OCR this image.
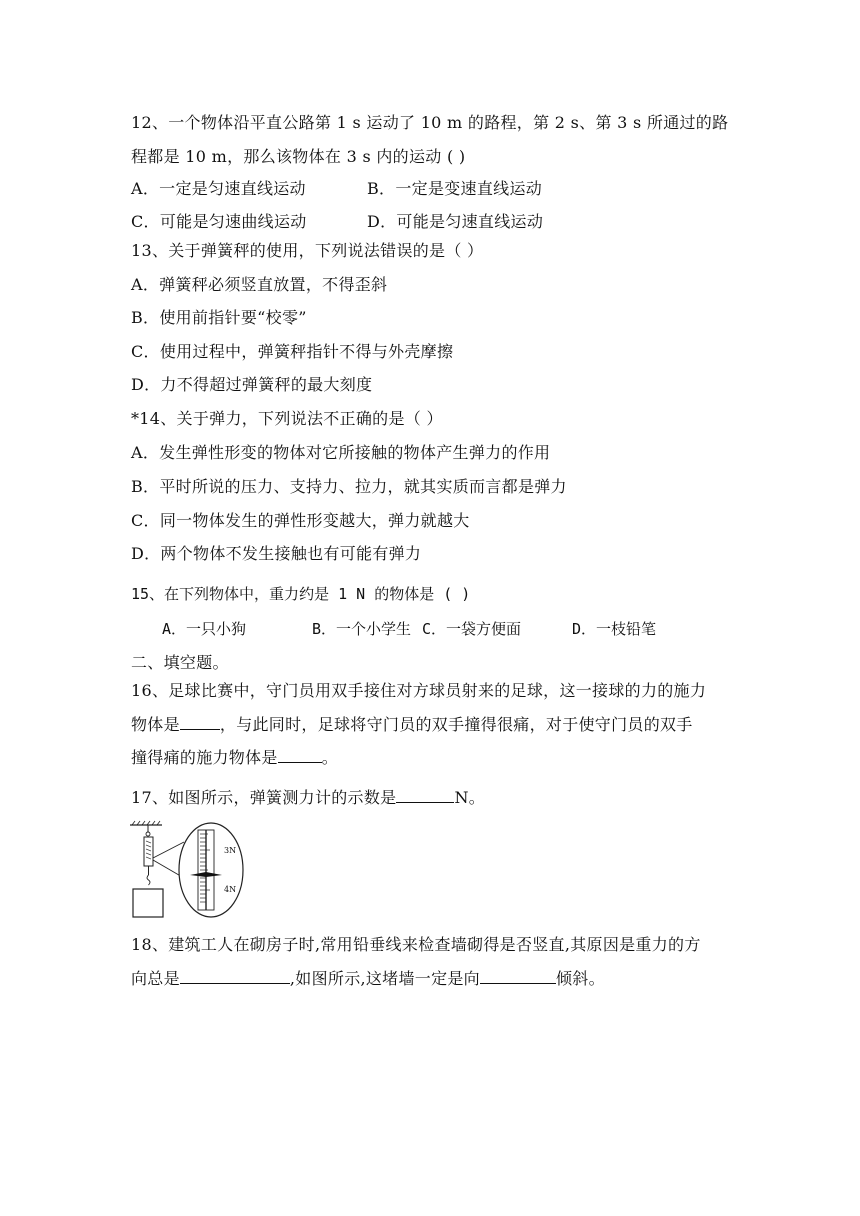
12、一个物体沿平直公路第 1 s 运动了 10 m 的路程，第 2 s、第 3 s 所通过的路
程都是 10 m，那么该物体在 3 s 内的运动 ( )
A．一定是匀速直线运动	B．一定是变速直线运动
C．可能是匀速曲线运动	D．可能是匀速直线运动
13、关于弹簧秤的使用，下列说法错误的是（ ）
A．弹簧秤必须竖直放置，不得歪斜
B．使用前指针要“校零”
C．使用过程中，弹簧秤指针不得与外壳摩擦
D．力不得超过弹簧秤的最大刻度
*14、关于弹力，下列说法不正确的是（ ）
A．发生弹性形变的物体对它所接触的物体产生弹力的作用
B．平时所说的压力、支持力、拉力，就其实质而言都是弹力
C．同一物体发生的弹性形变越大，弹力就越大
D．两个物体不发生接触也有可能有弹力
15、在下列物体中，重力约是 1 N 的物体是 ( )
A．一只小狗	B．一个小学生 C．一袋方便面	D．一枝铅笔
二、填空题。
16、足球比赛中，守门员用双手接住对方球员射来的足球，这一接球的力的施力
物体是	，与此同时，足球将守门员的双手撞得很痛，对于使守门员的双手
撞得痛的施力物体是	。
17、如图所示，弹簧测力计的示数是	N。
3N
4N
18、建筑工人在砌房子时,常用铅垂线来检查墙砌得是否竖直,其原因是重力的方
向总是	,如图所示,这堵墙一定是向	倾斜。
